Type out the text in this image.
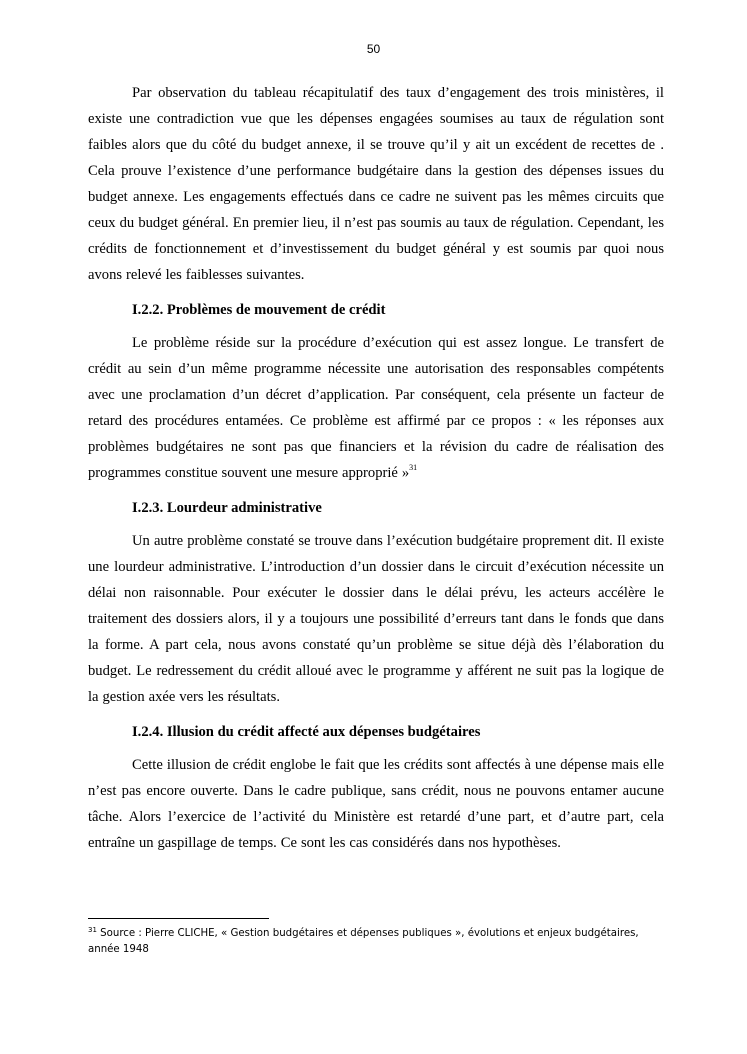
50

Par observation du tableau récapitulatif des taux d’engagement des trois ministères, il existe une contradiction vue que les dépenses engagées soumises au taux de régulation sont faibles alors que du côté du budget annexe, il se trouve qu’il y ait un excédent de recettes de . Cela prouve l’existence d’une performance budgétaire dans la gestion des dépenses issues du budget annexe. Les engagements effectués dans ce cadre ne suivent pas les mêmes circuits que ceux du budget général. En premier lieu, il n’est pas soumis au taux de régulation. Cependant, les crédits de fonctionnement et d’investissement du budget général y est soumis par quoi nous avons relevé les faiblesses suivantes.

I.2.2. Problèmes de mouvement de crédit

Le problème réside sur la procédure d’exécution qui est assez longue. Le transfert de crédit au sein d’un même programme nécessite une autorisation des responsables compétents avec une proclamation d’un décret d’application. Par conséquent, cela présente un facteur de retard des procédures entamées. Ce problème est affirmé par ce propos : « les réponses aux problèmes budgétaires ne sont pas que financiers et la révision du cadre de réalisation des programmes constitue souvent une mesure approprié »$^{31}$

I.2.3. Lourdeur administrative

Un autre problème constaté se trouve dans l’exécution budgétaire proprement dit. Il existe une lourdeur administrative. L’introduction d’un dossier dans le circuit d’exécution nécessite un délai non raisonnable. Pour exécuter le dossier dans le délai prévu, les acteurs accélère le traitement des dossiers alors, il y a toujours une possibilité d’erreurs tant dans le fonds que dans la forme. A part cela, nous avons constaté qu’un problème se situe déjà dès l’élaboration du budget. Le redressement du crédit alloué avec le programme y afférent ne suit pas la logique de la gestion axée vers les résultats.

I.2.4. Illusion du crédit affecté aux dépenses budgétaires

Cette illusion de crédit englobe le fait que les crédits sont affectés à une dépense mais elle n’est pas encore ouverte. Dans le cadre publique, sans crédit, nous ne pouvons entamer aucune tâche. Alors l’exercice de l’activité du Ministère est retardé d’une part, et d’autre part, cela entraîne un gaspillage de temps. Ce sont les cas considérés dans nos hypothèses.

$^{31}$ Source : Pierre CLICHE, « Gestion budgétaires et dépenses publiques », évolutions et enjeux budgétaires, année 1948
